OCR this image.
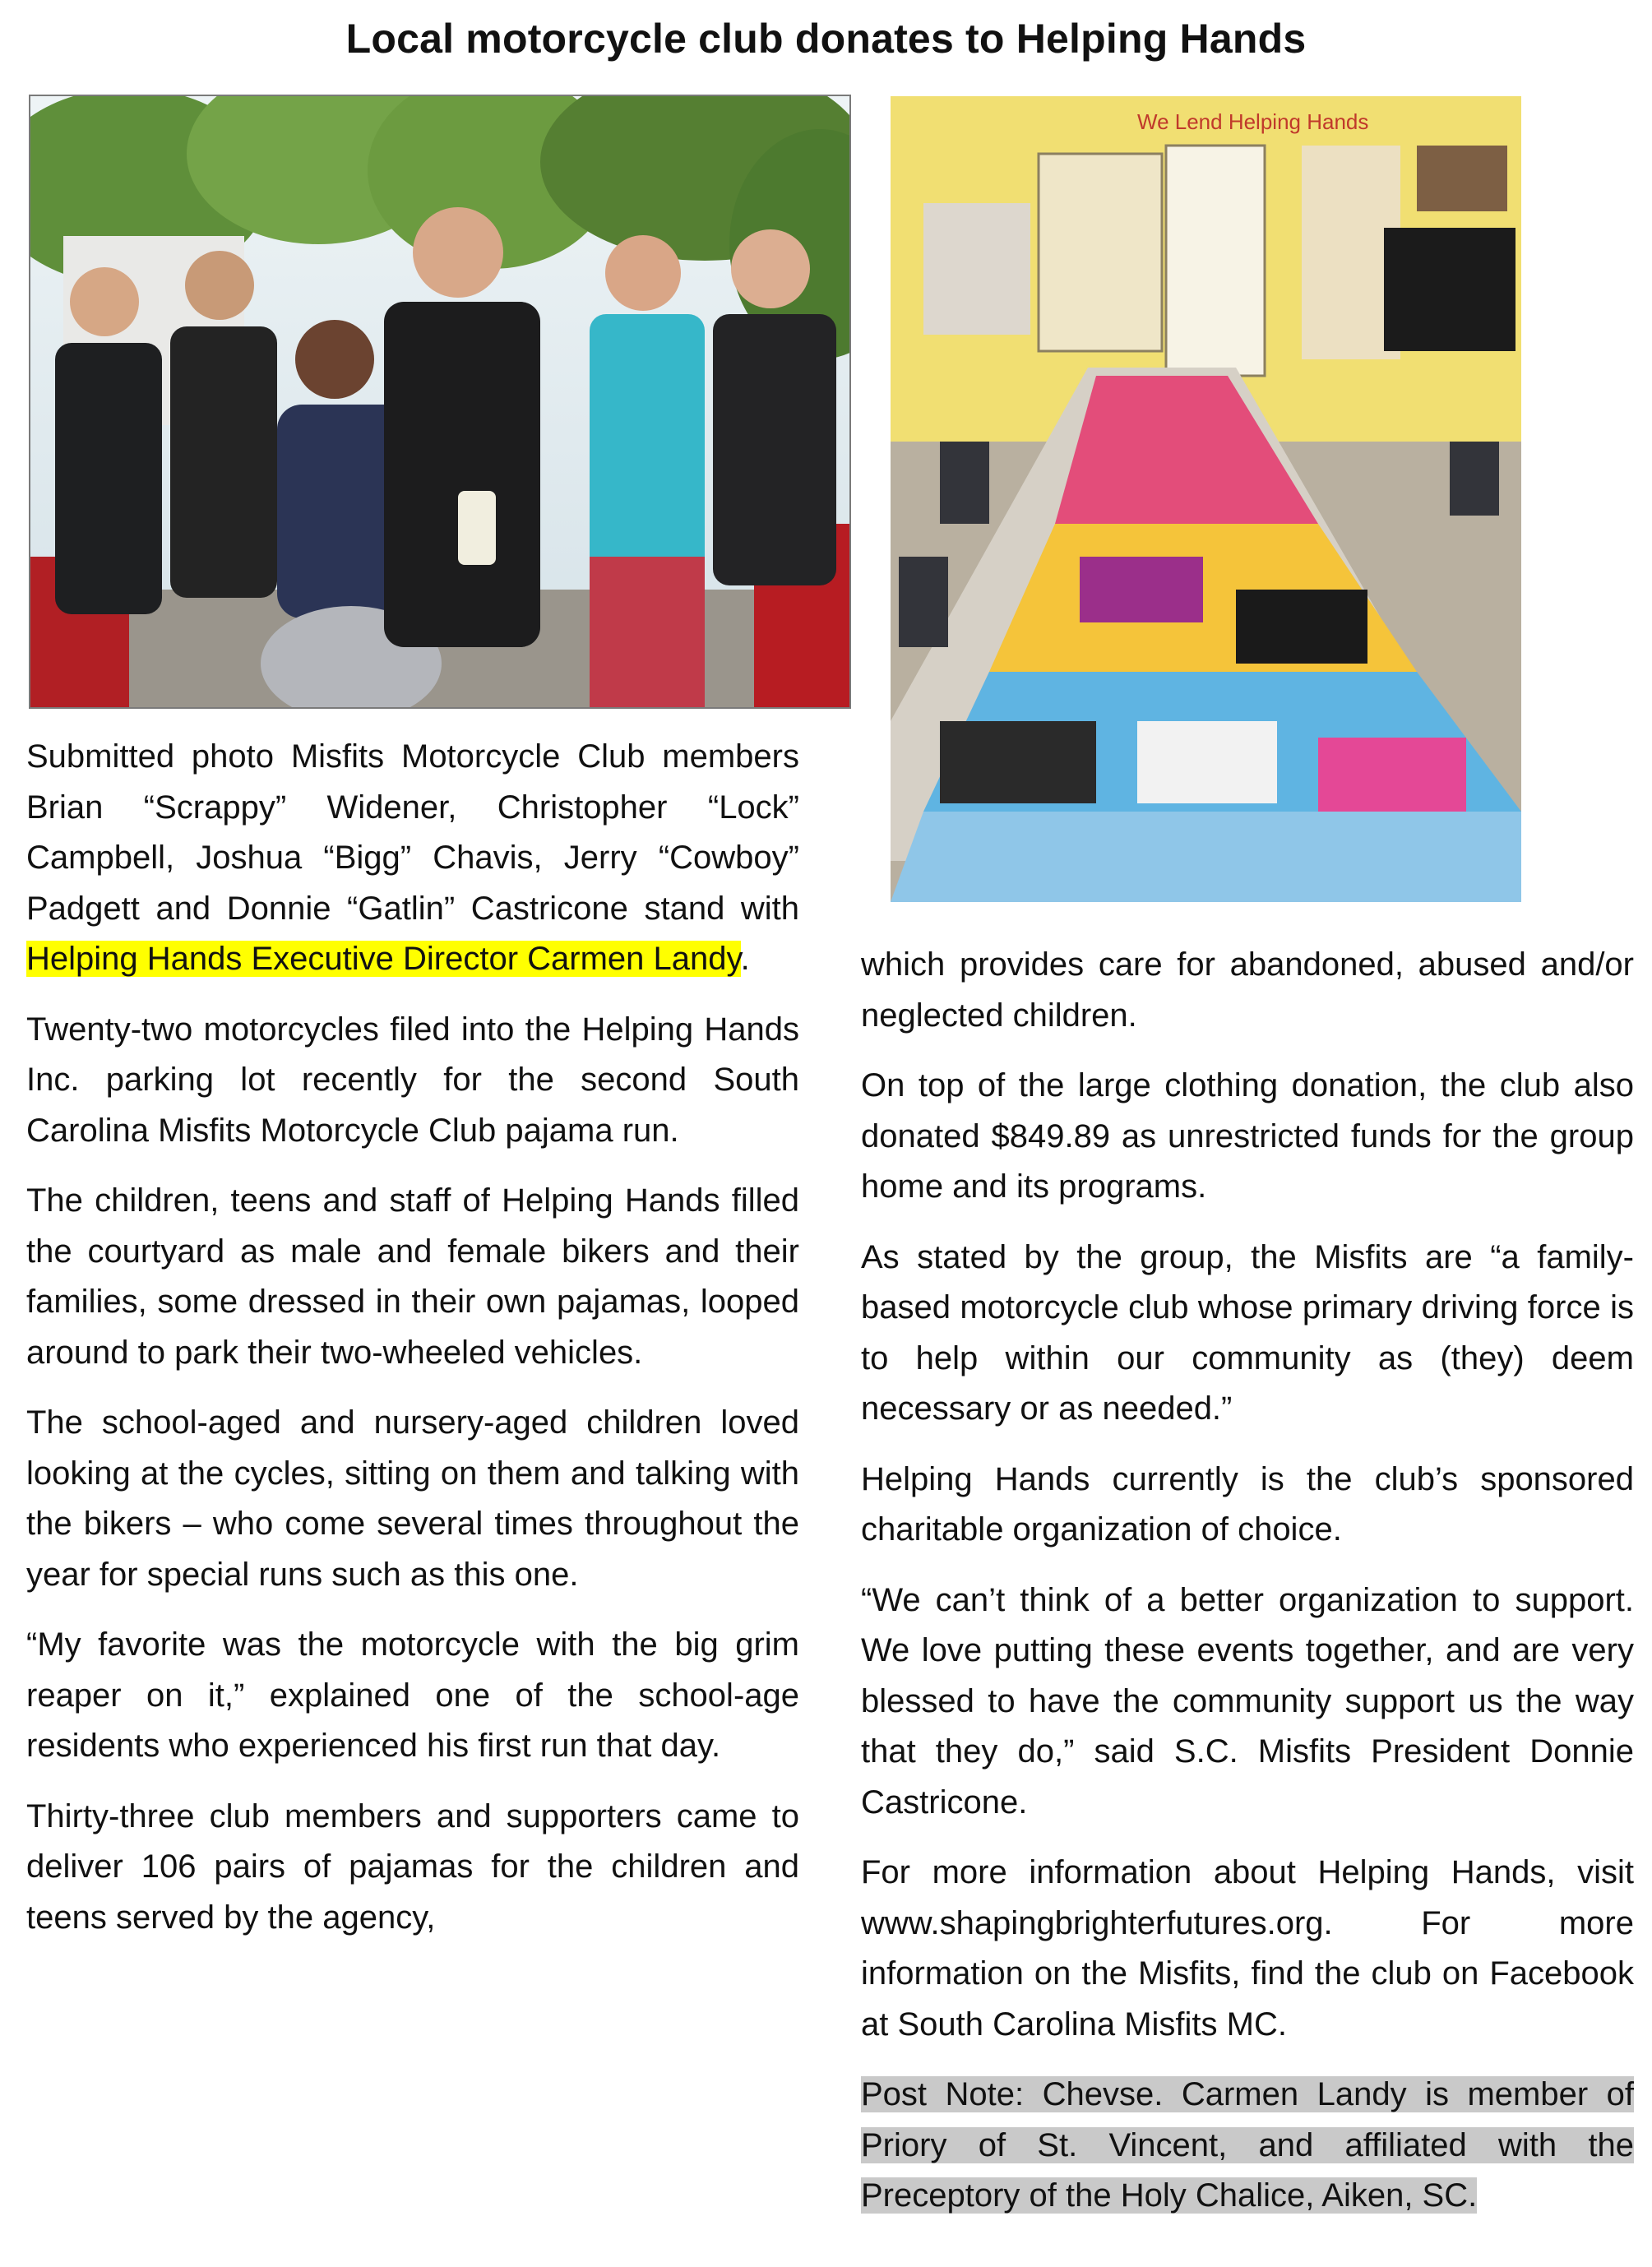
Local motorcycle club donates to Helping Hands
We Lend Helping Hands

Submitted photo Misfits Motorcycle Club members Brian “Scrappy” Widener, Christopher “Lock” Campbell, Joshua “Bigg” Chavis, Jerry “Cowboy” Padgett and Donnie “Gatlin” Castricone stand with Helping Hands Executive Director Carmen Landy.

Twenty-two motorcycles filed into the Helping Hands Inc. parking lot recently for the second South Carolina Misfits Motorcycle Club pajama run.

The children, teens and staff of Helping Hands filled the courtyard as male and female bikers and their families, some dressed in their own pajamas, looped around to park their two-wheeled vehicles.

The school-aged and nursery-aged children loved looking at the cycles, sitting on them and talking with the bikers – who come several times throughout the year for special runs such as this one.

“My favorite was the motorcycle with the big grim reaper on it,” explained one of the school-age residents who experienced his first run that day.

Thirty-three club members and supporters came to deliver 106 pairs of pajamas for the children and teens served by the agency,

which provides care for abandoned, abused and/or neglected children.

On top of the large clothing donation, the club also donated $849.89 as unrestricted funds for the group home and its programs.

As stated by the group, the Misfits are “a family-based motorcycle club whose primary driving force is to help within our community as (they) deem necessary or as needed.”

Helping Hands currently is the club’s sponsored charitable organization of choice.

“We can’t think of a better organization to support. We love putting these events together, and are very blessed to have the community support us the way that they do,” said S.C. Misfits President Donnie Castricone.

For more information about Helping Hands, visit www.shapingbrighterfutures.org. For more information on the Misfits, find the club on Facebook at South Carolina Misfits MC.

Post Note: Chevse. Carmen Landy is member of Priory of St. Vincent, and affiliated with the Preceptory of the Holy Chalice, Aiken, SC.
